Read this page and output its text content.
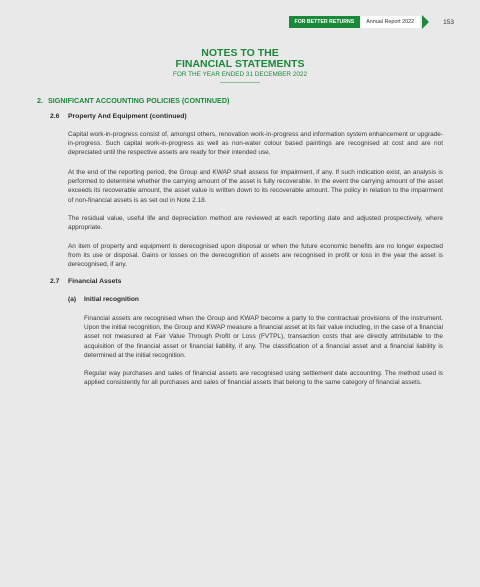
FOR BETTER RETURNS	Annual Report 2022	153
NOTES TO THE
FINANCIAL STATEMENTS
FOR THE YEAR ENDED 31 DECEMBER 2022
2. SIGNIFICANT ACCOUNTING POLICIES (CONTINUED)
2.6 Property And Equipment (continued)
Capital work-in-progress consist of, amongst others, renovation work-in-progress and information system enhancement or upgrade-in-progress. Such capital work-in-progress as well as non-water colour based paintings are recognised at cost and are not depreciated until the respective assets are ready for their intended use.
At the end of the reporting period, the Group and KWAP shall assess for impairment, if any. If such indication exist, an analysis is performed to determine whether the carrying amount of the asset is fully recoverable. In the event the carrying amount of the asset exceeds its recoverable amount, the asset value is written down to its recoverable amount. The policy in relation to the impairment of non-financial assets is as set out in Note 2.18.
The residual value, useful life and depreciation method are reviewed at each reporting date and adjusted prospectively, where appropriate.
An item of property and equipment is derecognised upon disposal or when the future economic benefits are no longer expected from its use or disposal. Gains or losses on the derecognition of assets are recognised in profit or loss in the year the asset is derecognised, if any.
2.7 Financial Assets
(a) Initial recognition
Financial assets are recognised when the Group and KWAP become a party to the contractual provisions of the instrument. Upon the initial recognition, the Group and KWAP measure a financial asset at its fair value including, in the case of a financial asset not measured at Fair Value Through Profit or Loss (FVTPL), transaction costs that are directly attributable to the acquisition of the financial asset or financial liability, if any. The classification of a financial asset and a financial liability is determined at the initial recognition.
Regular way purchases and sales of financial assets are recognised using settlement date accounting. The method used is applied consistently for all purchases and sales of financial assets that belong to the same category of financial assets.
